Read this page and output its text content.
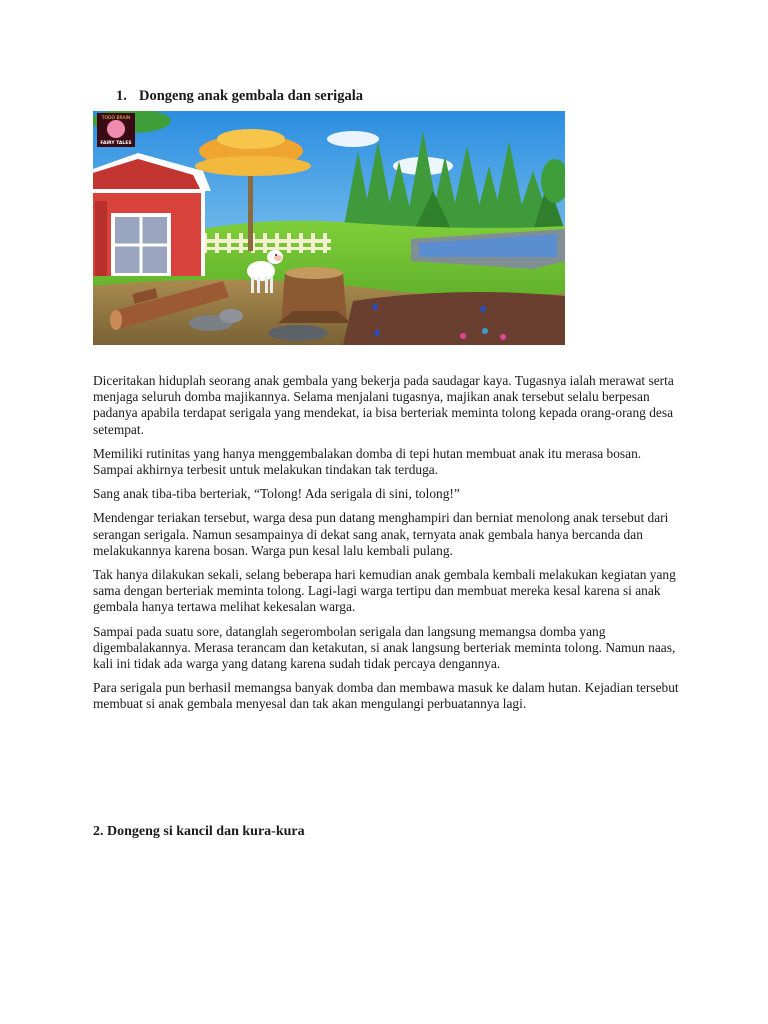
1. Dongeng anak gembala dan serigala
TODO BRAIN
FAIRY TALES

Diceritakan hiduplah seorang anak gembala yang bekerja pada saudagar kaya. Tugasnya ialah merawat serta menjaga seluruh domba majikannya. Selama menjalani tugasnya, majikan anak tersebut selalu berpesan padanya apabila terdapat serigala yang mendekat, ia bisa berteriak meminta tolong kepada orang-orang desa setempat.

Memiliki rutinitas yang hanya menggembalakan domba di tepi hutan membuat anak itu merasa bosan. Sampai akhirnya terbesit untuk melakukan tindakan tak terduga.

Sang anak tiba-tiba berteriak, “Tolong! Ada serigala di sini, tolong!”

Mendengar teriakan tersebut, warga desa pun datang menghampiri dan berniat menolong anak tersebut dari serangan serigala. Namun sesampainya di dekat sang anak, ternyata anak gembala hanya bercanda dan melakukannya karena bosan. Warga pun kesal lalu kembali pulang.

Tak hanya dilakukan sekali, selang beberapa hari kemudian anak gembala kembali melakukan kegiatan yang sama dengan berteriak meminta tolong. Lagi-lagi warga tertipu dan membuat mereka kesal karena si anak gembala hanya tertawa melihat kekesalan warga.

Sampai pada suatu sore, datanglah segerombolan serigala dan langsung memangsa domba yang digembalakannya. Merasa terancam dan ketakutan, si anak langsung berteriak meminta tolong. Namun naas, kali ini tidak ada warga yang datang karena sudah tidak percaya dengannya.

Para serigala pun berhasil memangsa banyak domba dan membawa masuk ke dalam hutan. Kejadian tersebut membuat si anak gembala menyesal dan tak akan mengulangi perbuatannya lagi.

2. Dongeng si kancil dan kura-kura
